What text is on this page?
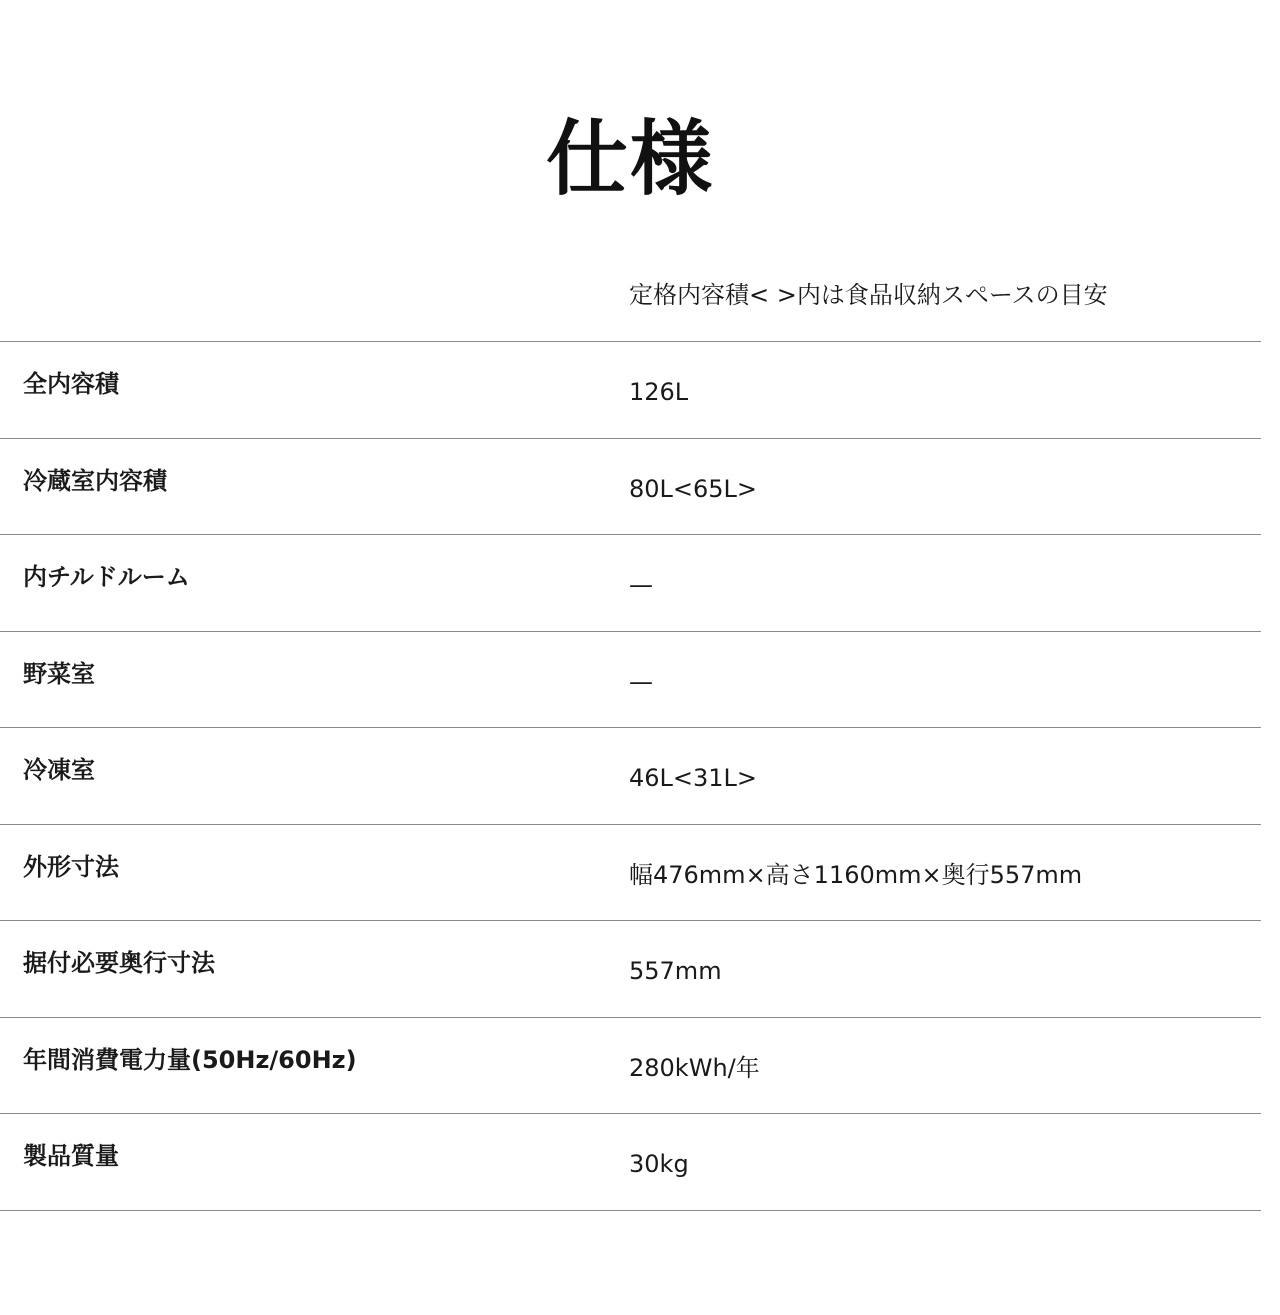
仕様
定格内容積< >内は食品収納スペースの目安
全内容積	126L
冷蔵室内容積	80L<65L>
内チルドルーム	—
野菜室	—
冷凍室	46L<31L>
外形寸法	幅476mm×高さ1160mm×奥行557mm
据付必要奥行寸法	557mm
年間消費電力量(50Hz/60Hz)	280kWh/年
製品質量	30kg
